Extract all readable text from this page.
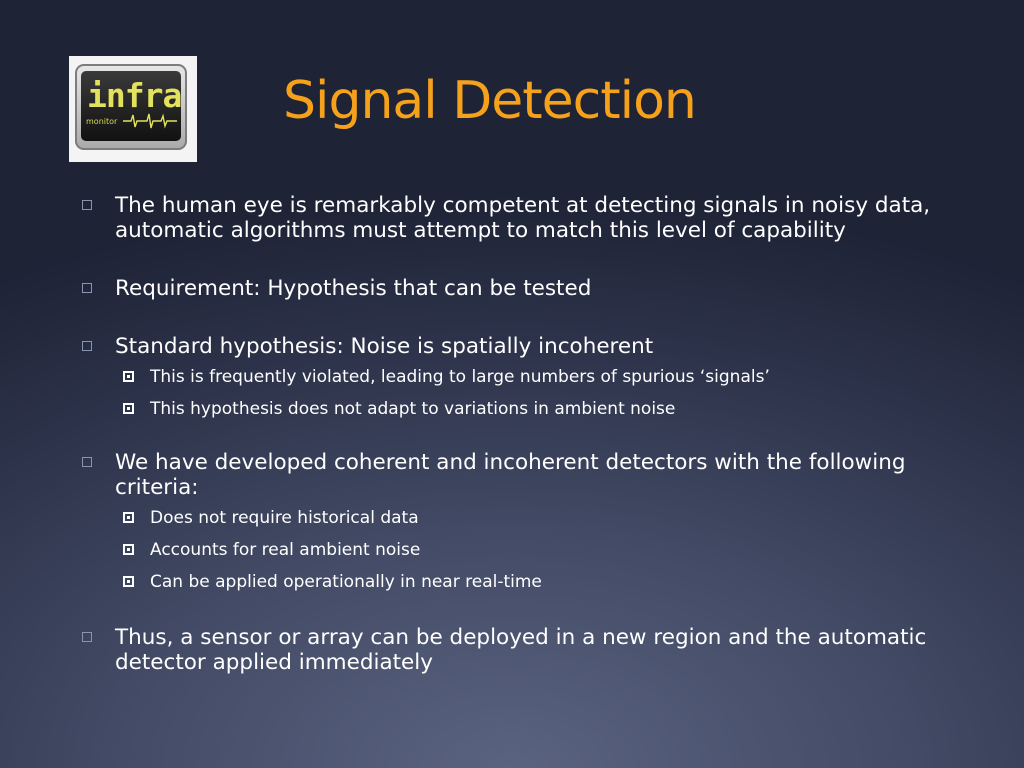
infra
monitor	Signal Detection
The human eye is remarkably competent at detecting signals in noisy data, automatic algorithms must attempt to match this level of capability
Requirement: Hypothesis that can be tested
Standard hypothesis: Noise is spatially incoherent
This is frequently violated, leading to large numbers of spurious ‘signals’
This hypothesis does not adapt to variations in ambient noise
We have developed coherent and incoherent detectors with the following criteria:
Does not require historical data
Accounts for real ambient noise
Can be applied operationally in near real-time
Thus, a sensor or array can be deployed in a new region and the automatic detector applied immediately
